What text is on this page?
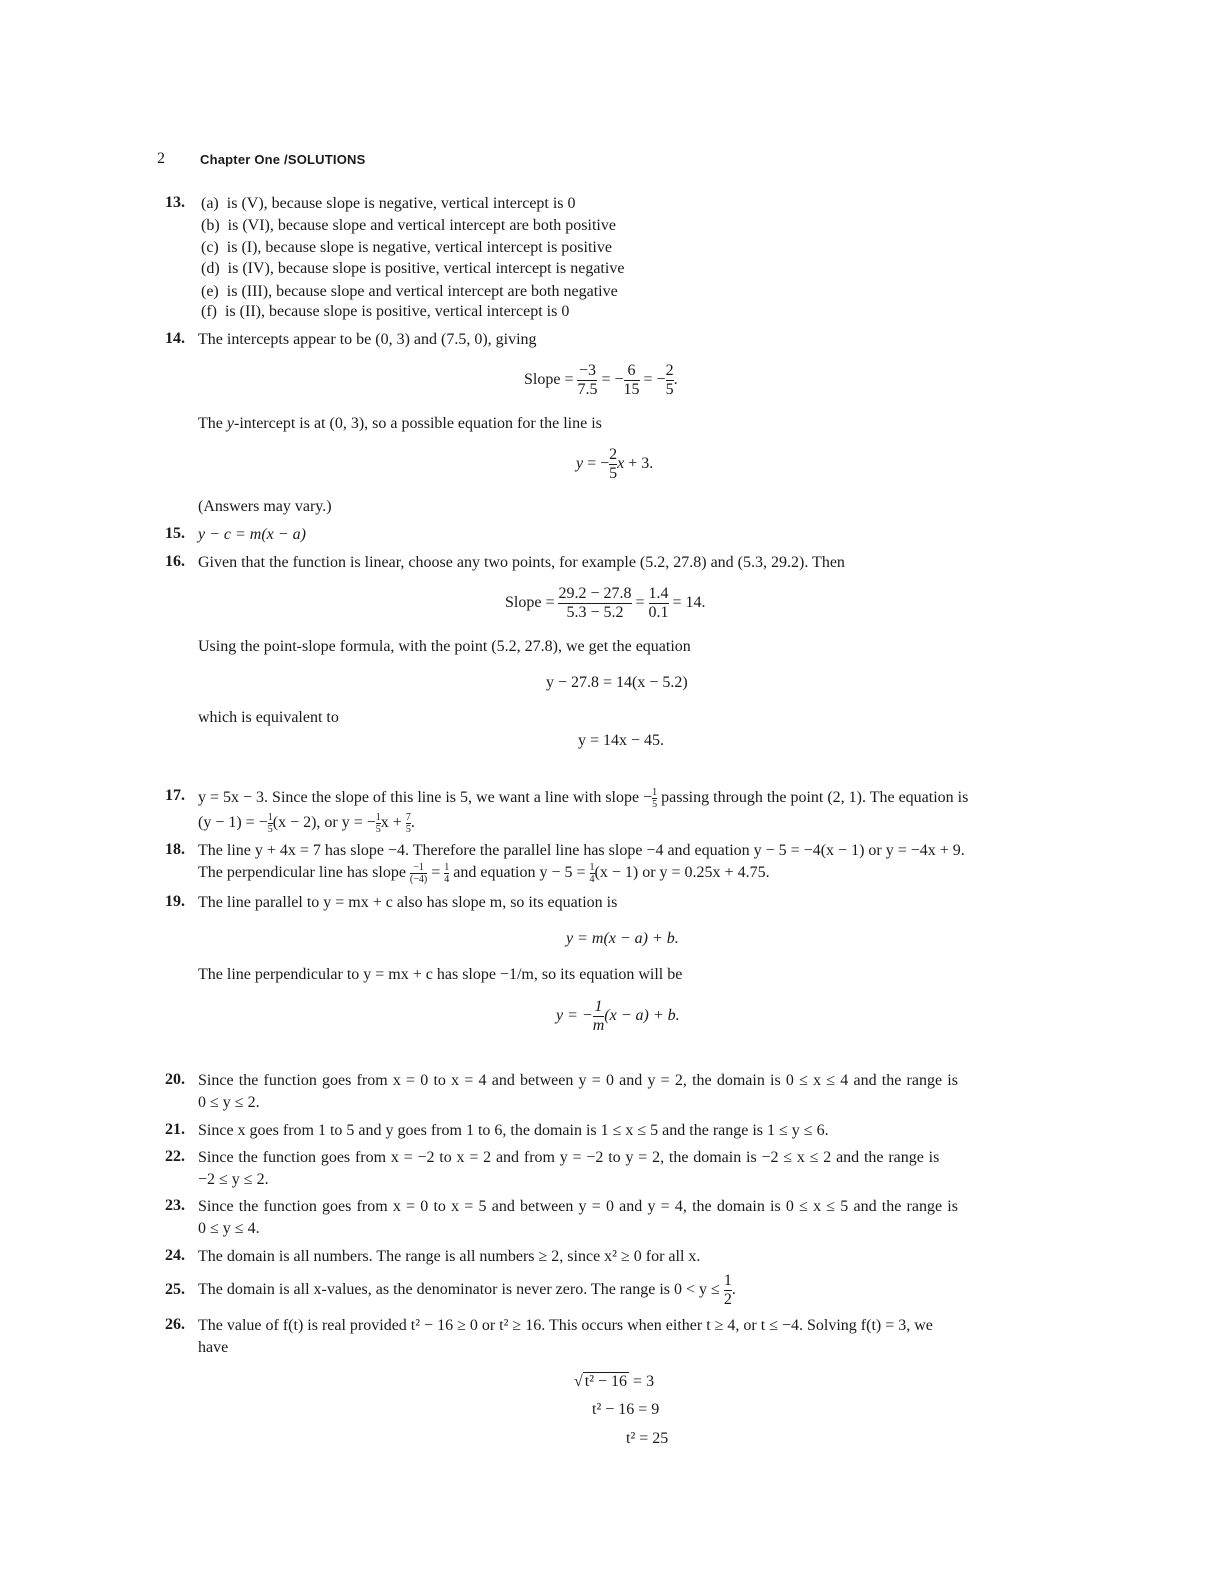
2	Chapter One /SOLUTIONS
13. (a) is (V), because slope is negative, vertical intercept is 0
(b) is (VI), because slope and vertical intercept are both positive
(c) is (I), because slope is negative, vertical intercept is positive
(d) is (IV), because slope is positive, vertical intercept is negative
(e) is (III), because slope and vertical intercept are both negative
(f) is (II), because slope is positive, vertical intercept is 0
14. The intercepts appear to be (0, 3) and (7.5, 0), giving
Slope = $\frac{-3}{7.5}$ = − $\frac{6}{15}$ = − $\frac{2}{5}$ .
The y-intercept is at (0, 3), so a possible equation for the line is
y = − $\frac{2}{5}$ x + 3.
(Answers may vary.)
15. y − c = m(x − a)
16. Given that the function is linear, choose any two points, for example (5.2, 27.8) and (5.3, 29.2). Then
Slope = $\frac{29.2 - 27.8}{5.3 - 5.2} = \frac{1.4}{0.1} = 14$.
Using the point-slope formula, with the point (5.2, 27.8), we get the equation
y − 27.8 = 14(x − 5.2)
which is equivalent to
y = 14x − 45.
17. y = 5x − 3. Since the slope of this line is 5, we want a line with slope − $\frac{1}{5}$ passing through the point (2, 1). The equation is
(y − 1) = − $\frac{1}{5} (x - 2)$, or y = − $\frac{1}{5}$ $x + \frac{7}{5}$ .
18. The line y + 4x = 7 has slope −4. Therefore the parallel line has slope −4 and equation y − 5 = −4(x − 1) or y = −4x + 9.
The perpendicular line has slope $\frac{-1}{(-4)} = \frac{1}{4}$ and equation $y - 5 = \frac{1}{4} (x - 1)$ or y = 0.25x + 4.75.
19. The line parallel to y = mx + c also has slope m, so its equation is
y = m(x − a) + b.
The line perpendicular to y = mx + c has slope −1/m, so its equation will be
y = − $\frac{1}{m} (x - a) + b$.
20. Since the function goes from x = 0 to x = 4 and between y = 0 and y = 2, the domain is 0 ≤ x ≤ 4 and the range is
0 ≤ y ≤ 2.
21. Since x goes from 1 to 5 and y goes from 1 to 6, the domain is 1 ≤ x ≤ 5 and the range is 1 ≤ y ≤ 6.
22. Since the function goes from x = −2 to x = 2 and from y = −2 to y = 2, the domain is −2 ≤ x ≤ 2 and the range is
−2 ≤ y ≤ 2.
23. Since the function goes from x = 0 to x = 5 and between y = 0 and y = 4, the domain is 0 ≤ x ≤ 5 and the range is
0 ≤ y ≤ 4.
24. The domain is all numbers. The range is all numbers ≥ 2, since x² ≥ 0 for all x.
25. The domain is all x-values, as the denominator is never zero. The range is $0 < y \le \frac{1}{2}$ .
26. The value of f(t) is real provided t² − 16 ≥ 0 or t² ≥ 16. This occurs when either t ≥ 4, or t ≤ −4. Solving f(t) = 3, we
have
√ t² − 16 = 3
t² − 16 = 9
t² = 25
